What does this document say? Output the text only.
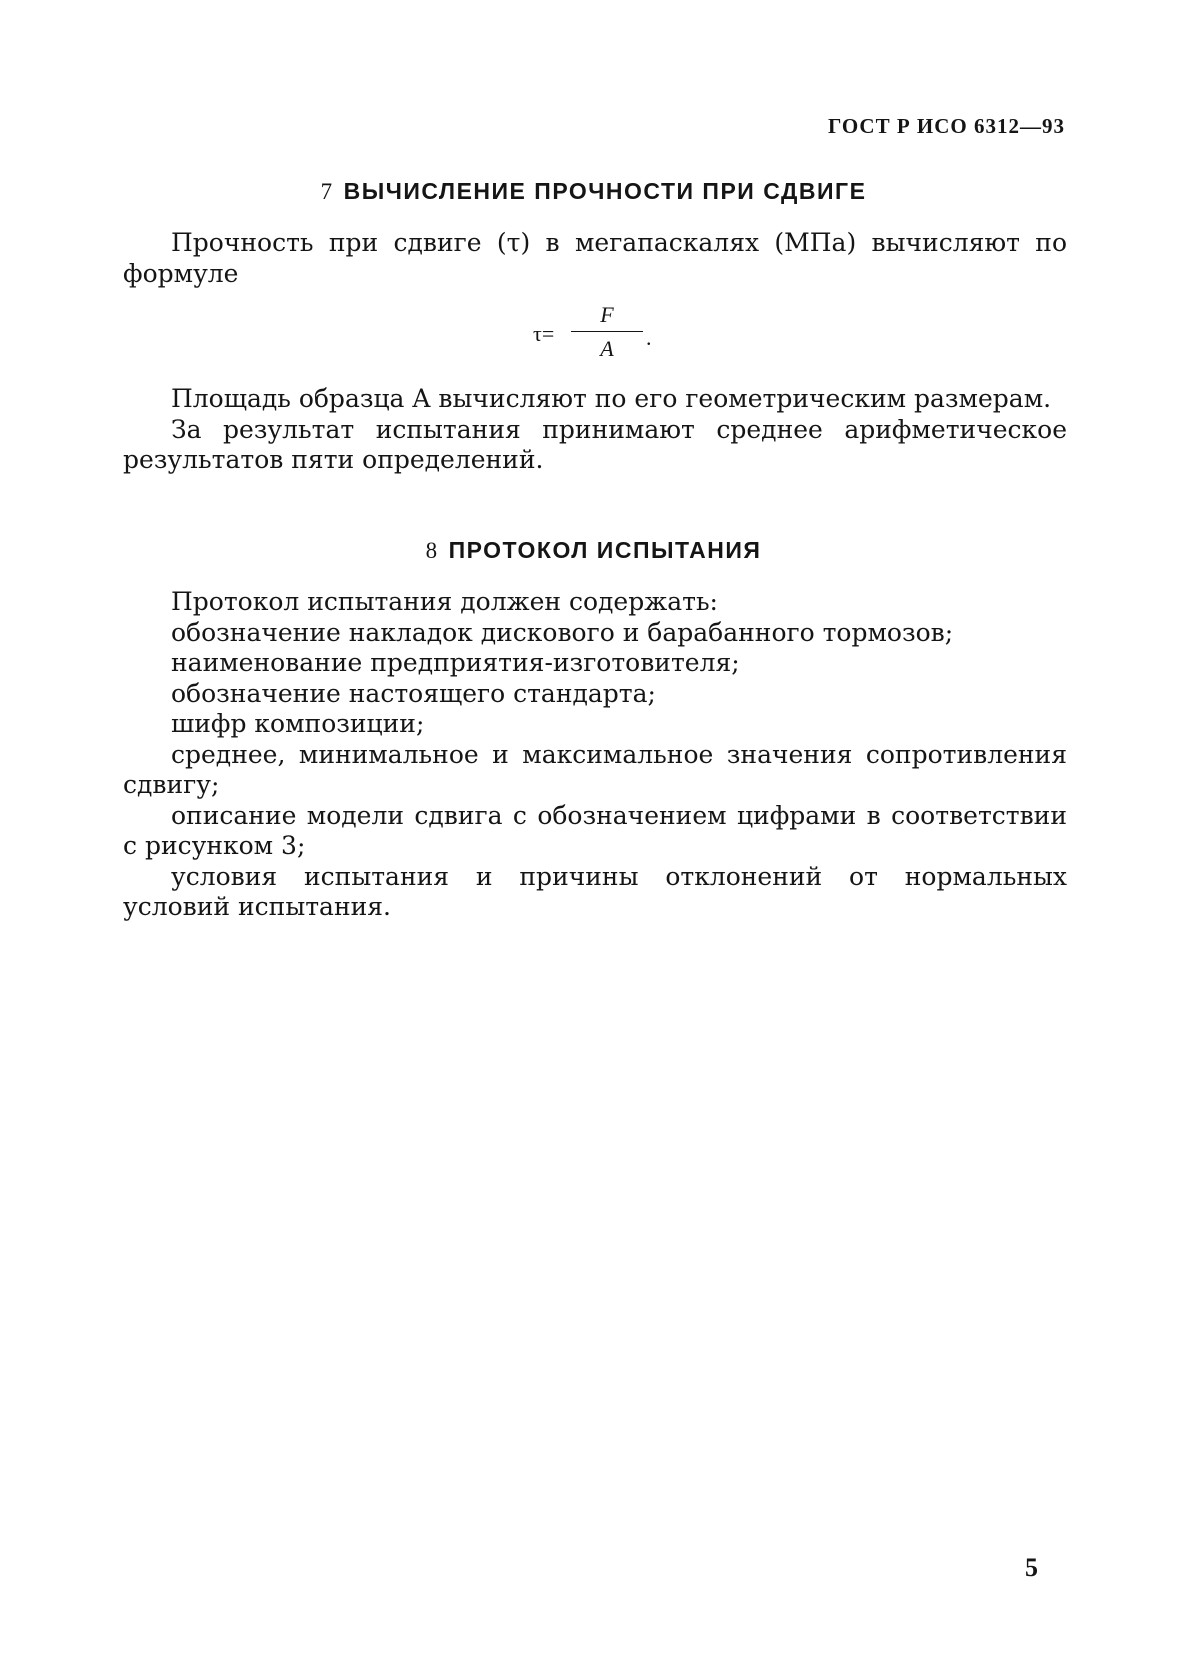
ГОСТ Р ИСО 6312—93
7 ВЫЧИСЛЕНИЕ ПРОЧНОСТИ ПРИ СДВИГЕ

Прочность при сдвиге (τ) в мегапаскалях (МПа) вычисляют по формуле

τ=
F
A	.

Площадь образца A вычисляют по его геометрическим размерам.

За результат испытания принимают среднее арифметическое результатов пяти определений.

8 ПРОТОКОЛ ИСПЫТАНИЯ

Протокол испытания должен содержать:

обозначение накладок дискового и барабанного тормозов;

наименование предприятия-изготовителя;

обозначение настоящего стандарта;

шифр композиции;

среднее, минимальное и максимальное значения сопротивления сдвигу;

описание модели сдвига с обозначением цифрами в соответствии с рисунком 3;

условия испытания и причины отклонений от нормальных условий испытания.

5
